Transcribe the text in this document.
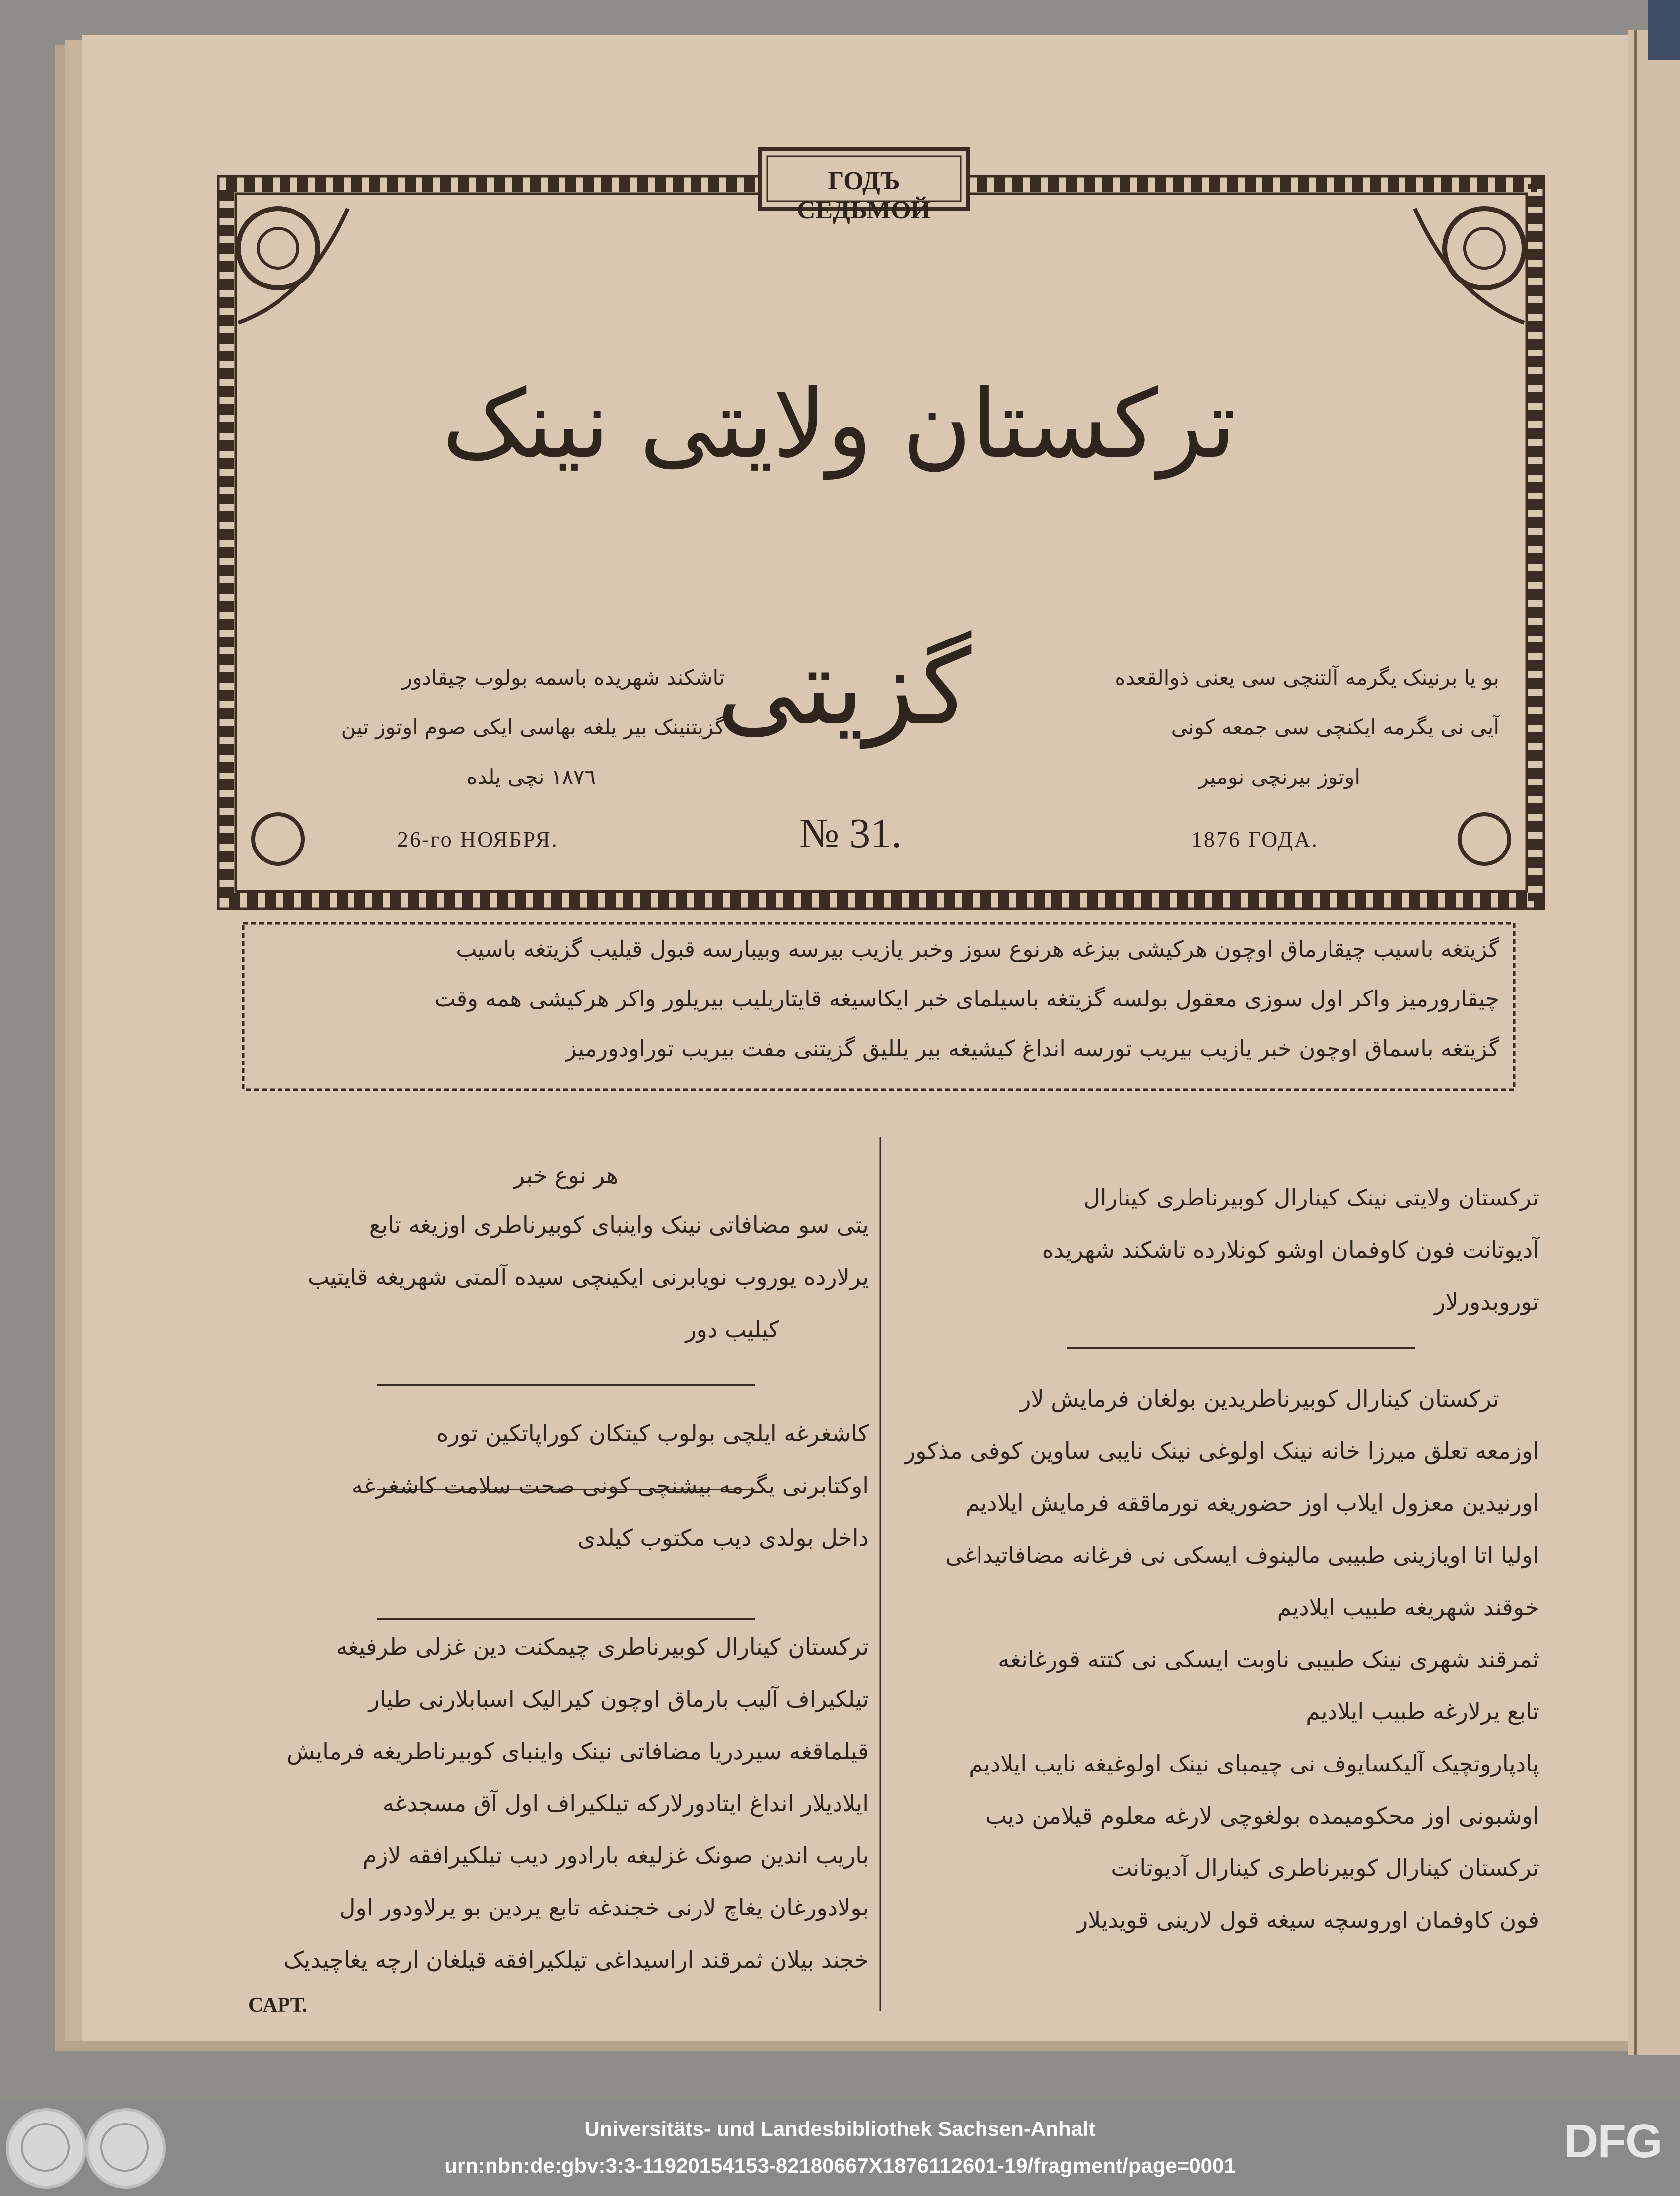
ГОДЪ СЕДЬМОЙ
ترکستان ولایتی نینک
گزیتی
تاشکند شهریده باسمه بولوب چیقادور
گزیتنینک بیر یلغه بهاسی ایکی صوم اوتوز تین
١٨٧٦ نچی یلده
بو یا برنینک یگرمه آلتنچی سی یعنی ذوالقعده
آیی نی یگرمه ایکنچی سی جمعه کونی
اوتوز بیرنچی نومیر
26-го НОЯБРЯ.	№ 31.	1876 ГОДА.
گزیتغه باسیب چیقارماق اوچون هرکیشی بیزغه هرنوع سوز وخبر یازیب بیرسه وبیبارسه قبول قیلیب گزیتغه باسیب
چیقارورمیز واکر اول سوزی معقول بولسه گزیتغه باسیلمای خبر ایکاسیغه قایتاریلیب بیریلور واکر هرکیشی همه وقت
گزیتغه باسماق اوچون خبر یازیب بیریب تورسه انداغ کیشیغه بیر یللیق گزیتنی مفت بیریب توراودورمیز
هر نوع خبر
یتی سو مضافاتی نینک واینبای کوبیرناطری اوزیغه تابع
یرلارده یوروب نویابرنی ایکینچی سیده آلمتی شهریغه قایتیب
کیلیب دور
کاشغرغه ایلچی بولوب کیتکان کوراپاتکین توره
اوکتابرنی یگرمه بیشنچی کونی صحت سلامت کاشغرغه
داخل بولدی دیب مکتوب کیلدی
ترکستان کینارال کوبیرناطری چیمکنت دین غزلی طرفیغه
تیلکیراف آلیب بارماق اوچون کیرالیک اسبابلارنی طیار
قیلماقغه سیردریا مضافاتی نینک واینبای کوبیرناطریغه فرمایش
ایلادیلار انداغ ایتادورلارکه تیلکیراف اول آق مسجدغه
باریب اندین صونک غزلیغه بارادور دیب تیلکیرافقه لازم
بولادورغان یغاچ لارنی خجندغه تابع یردین بو یرلاودور اول
خجند بیلان ثمرقند اراسیداغی تیلکیرافقه قیلغان ارچه یغاچیدیک
САРТ.
ترکستان ولایتی نینک کینارال کوبیرناطری کینارال
آدیوتانت فون کاوفمان اوشو کونلارده تاشکند شهریده
توروبدورلار
ترکستان کینارال کوبیرناطریدین بولغان فرمایش لار
اوزمعه تعلق میرزا خانه نینک اولوغی نینک نایبی ساوین کوفی مذکور
اورنیدین معزول ایلاب اوز حضوریغه تورماققه فرمایش ایلادیم
اولیا اتا اویازینی طبیبی مالینوف ایسکی نی فرغانه مضافاتیداغی
خوقند شهریغه طبیب ایلادیم
ثمرقند شهری نینک طبیبی ناوبت ایسکی نی کتته قورغانغه
تابع یرلارغه طبیب ایلادیم
پادپاروتچیک آلیکسایوف نی چیمبای نینک اولوغیغه نایب ایلادیم
اوشبونی اوز محکومیمده بولغوچی لارغه معلوم قیلامن دیب
ترکستان کینارال کوبیرناطری کینارال آدیوتانت
فون کاوفمان اوروسچه سیغه قول لارینی قویدیلار
Universitäts- und Landesbibliothek Sachsen-Anhalt
urn:nbn:de:gbv:3:3-11920154153-82180667X1876112601-19/fragment/page=0001	DFG
